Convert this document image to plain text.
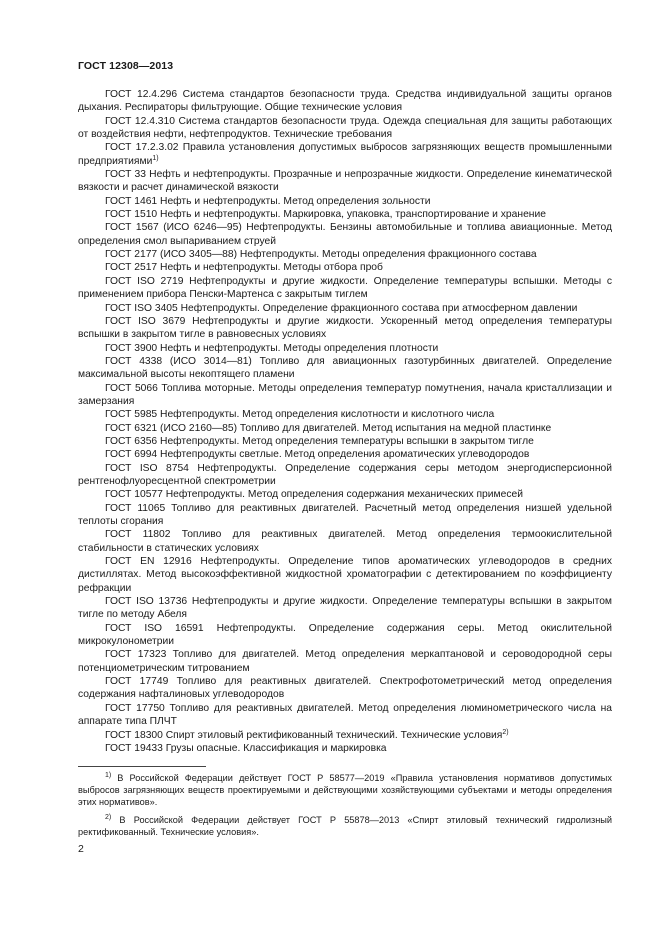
ГОСТ 12308—2013

ГОСТ 12.4.296 Система стандартов безопасности труда. Средства индивидуальной защиты органов дыхания. Респираторы фильтрующие. Общие технические условия

ГОСТ 12.4.310 Система стандартов безопасности труда. Одежда специальная для защиты работающих от воздействия нефти, нефтепродуктов. Технические требования

ГОСТ 17.2.3.02 Правила установления допустимых выбросов загрязняющих веществ промышленными предприятиями$^{1)}$

ГОСТ 33 Нефть и нефтепродукты. Прозрачные и непрозрачные жидкости. Определение кинематической вязкости и расчет динамической вязкости

ГОСТ 1461 Нефть и нефтепродукты. Метод определения зольности

ГОСТ 1510 Нефть и нефтепродукты. Маркировка, упаковка, транспортирование и хранение

ГОСТ 1567 (ИСО 6246—95) Нефтепродукты. Бензины автомобильные и топлива авиационные. Метод определения смол выпариванием струей

ГОСТ 2177 (ИСО 3405—88) Нефтепродукты. Методы определения фракционного состава

ГОСТ 2517 Нефть и нефтепродукты. Методы отбора проб

ГОСТ ISO 2719 Нефтепродукты и другие жидкости. Определение температуры вспышки. Методы с применением прибора Пенски-Мартенса с закрытым тиглем

ГОСТ ISO 3405 Нефтепродукты. Определение фракционного состава при атмосферном давлении

ГОСТ ISO 3679 Нефтепродукты и другие жидкости. Ускоренный метод определения температуры вспышки в закрытом тигле в равновесных условиях

ГОСТ 3900 Нефть и нефтепродукты. Методы определения плотности

ГОСТ 4338 (ИСО 3014—81) Топливо для авиационных газотурбинных двигателей. Определение максимальной высоты некоптящего пламени

ГОСТ 5066 Топлива моторные. Методы определения температур помутнения, начала кристаллизации и замерзания

ГОСТ 5985 Нефтепродукты. Метод определения кислотности и кислотного числа

ГОСТ 6321 (ИСО 2160—85) Топливо для двигателей. Метод испытания на медной пластинке

ГОСТ 6356 Нефтепродукты. Метод определения температуры вспышки в закрытом тигле

ГОСТ 6994 Нефтепродукты светлые. Метод определения ароматических углеводородов

ГОСТ ISO 8754 Нефтепродукты. Определение содержания серы методом энергодисперсионной рентгенофлуоресцентной спектрометрии

ГОСТ 10577 Нефтепродукты. Метод определения содержания механических примесей

ГОСТ 11065 Топливо для реактивных двигателей. Расчетный метод определения низшей удельной теплоты сгорания

ГОСТ 11802 Топливо для реактивных двигателей. Метод определения термоокислительной стабильности в статических условиях

ГОСТ EN 12916 Нефтепродукты. Определение типов ароматических углеводородов в средних дистиллятах. Метод высокоэффективной жидкостной хроматографии с детектированием по коэффициенту рефракции

ГОСТ ISO 13736 Нефтепродукты и другие жидкости. Определение температуры вспышки в закрытом тигле по методу Абеля

ГОСТ ISO 16591 Нефтепродукты. Определение содержания серы. Метод окислительной микрокулонометрии

ГОСТ 17323 Топливо для двигателей. Метод определения меркаптановой и сероводородной серы потенциометрическим титрованием

ГОСТ 17749 Топливо для реактивных двигателей. Спектрофотометрический метод определения содержания нафталиновых углеводородов

ГОСТ 17750 Топливо для реактивных двигателей. Метод определения люминометрического числа на аппарате типа ПЛЧТ

ГОСТ 18300 Спирт этиловый ректификованный технический. Технические условия$^{2)}$

ГОСТ 19433 Грузы опасные. Классификация и маркировка

$^{1)}$ В Российской Федерации действует ГОСТ Р 58577—2019 «Правила установления нормативов допустимых выбросов загрязняющих веществ проектируемыми и действующими хозяйствующими субъектами и методы определения этих нормативов».

$^{2)}$ В Российской Федерации действует ГОСТ Р 55878—2013 «Спирт этиловый технический гидролизный ректификованный. Технические условия».

2
